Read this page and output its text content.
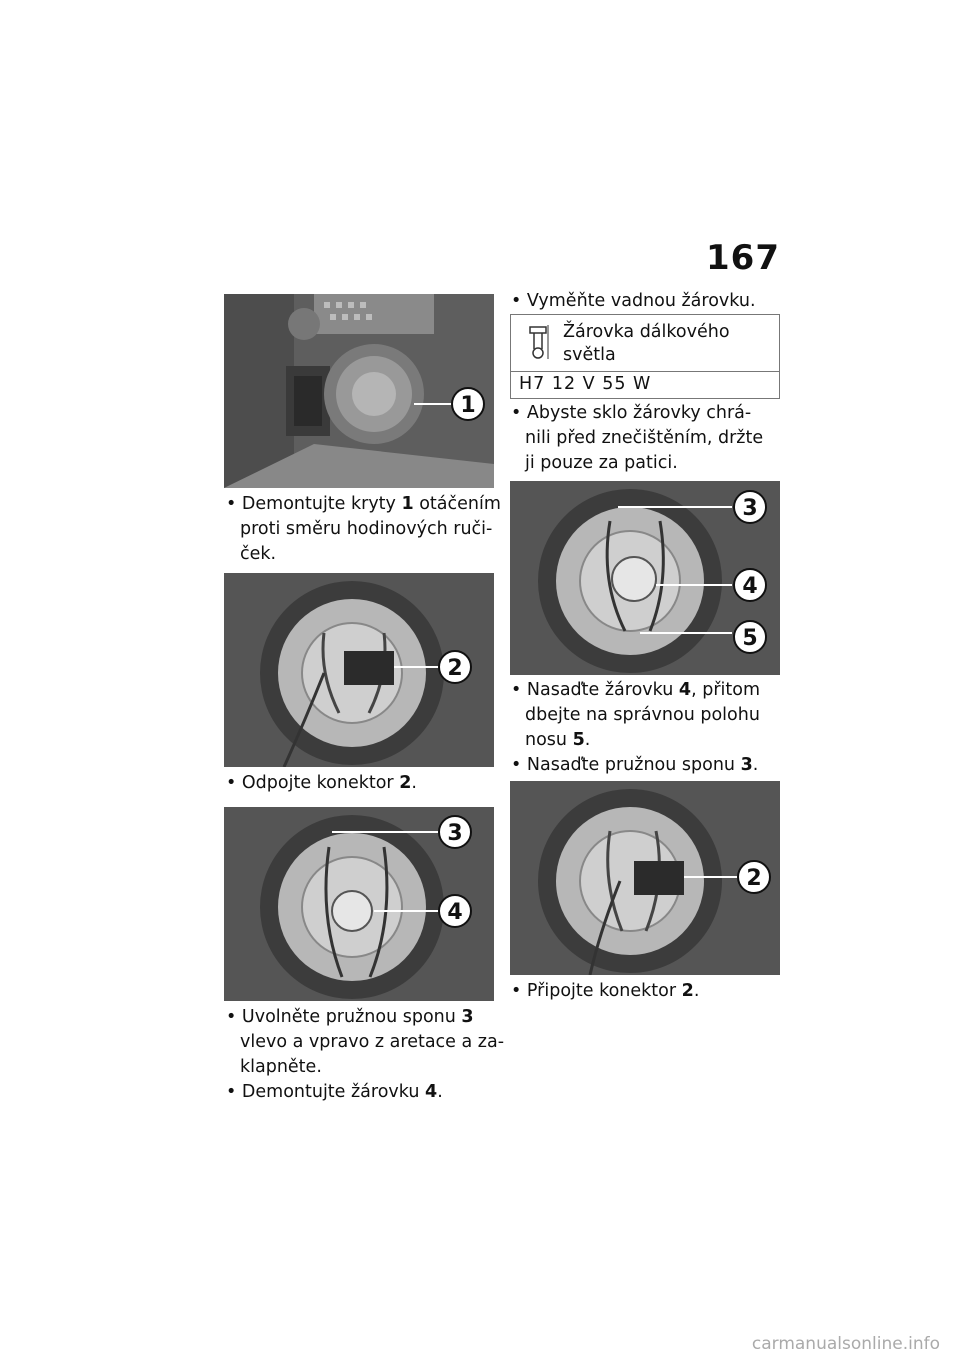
167
1
• Demontujte kryty 1 otáčením
proti směru hodinových ruči-
ček.
2
• Odpojte konektor 2.
3
4
• Uvolněte pružnou sponu 3
vlevo a vpravo z aretace a za-
klapněte.
• Demontujte žárovku 4.
• Vyměňte vadnou žárovku.
Žárovka dálkového
světla
H7 12 V 55 W
• Abyste sklo žárovky chrá-
nili před znečištěním, držte
ji pouze za patici.
3
4
5
• Nasaďte žárovku 4, přitom
dbejte na správnou polohu
nosu 5.
• Nasaďte pružnou sponu 3.
2
• Připojte konektor 2.
carmanualsonline.info
